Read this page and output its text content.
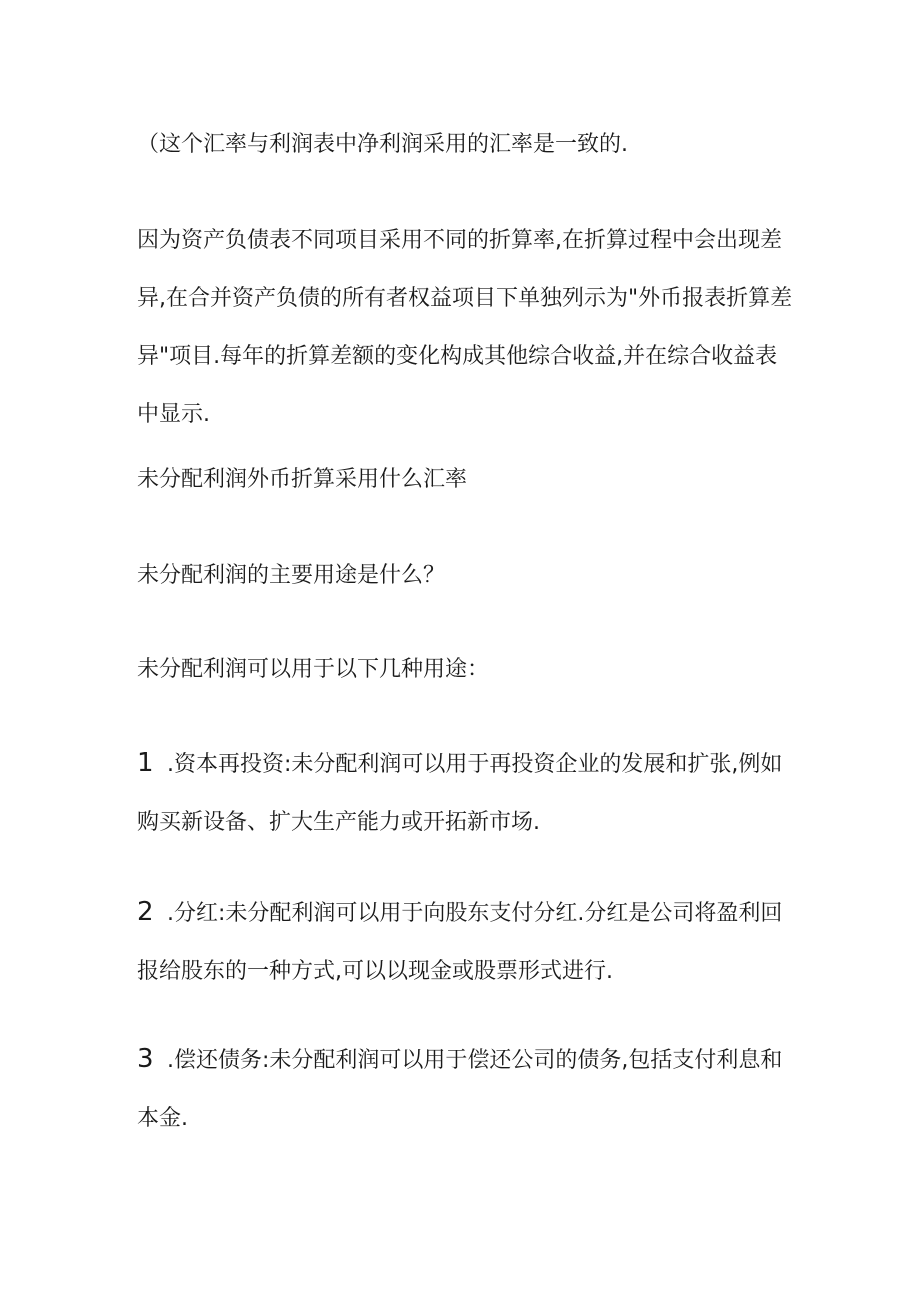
（这个汇率与利润表中净利润采用的汇率是一致的.

因为资产负债表不同项目采用不同的折算率,在折算过程中会出现差异,在合并资产负债的所有者权益项目下单独列示为"外币报表折算差异"项目.每年的折算差额的变化构成其他综合收益,并在综合收益表中显示.

未分配利润外币折算采用什么汇率

未分配利润的主要用途是什么？

未分配利润可以用于以下几种用途：

1 .资本再投资:未分配利润可以用于再投资企业的发展和扩张,例如购买新设备、扩大生产能力或开拓新市场.

2 .分红:未分配利润可以用于向股东支付分红.分红是公司将盈利回报给股东的一种方式,可以以现金或股票形式进行.

3 .偿还债务:未分配利润可以用于偿还公司的债务,包括支付利息和本金.
